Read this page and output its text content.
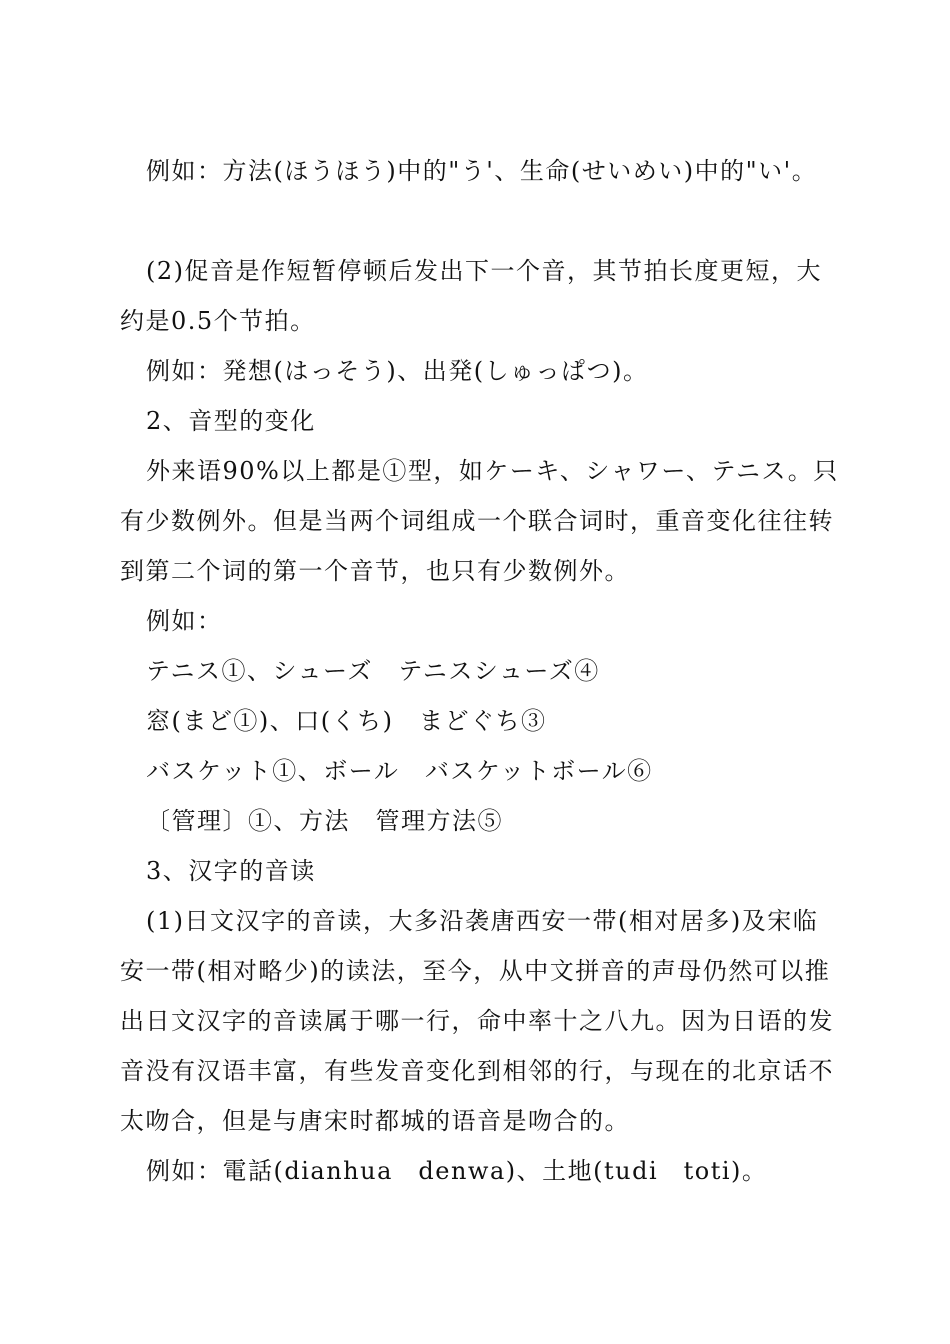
例如：方法(ほうほう)中的"う'、生命(せいめい)中的"い'。
(2)促音是作短暂停顿后发出下一个音，其节拍长度更短，大
约是0.5个节拍。
例如：発想(はっそう)、出発(しゅっぱつ)。
2、音型的变化
外来语90%以上都是①型，如ケーキ、シャワー、テニス。只
有少数例外。但是当两个词组成一个联合词时，重音变化往往转
到第二个词的第一个音节，也只有少数例外。
例如：
テニス①、シューズ　テニスシューズ④
窓(まど①)、口(くち)　まどぐち③
バスケット①、ボール　バスケットボール⑥
〔管理〕①、方法　管理方法⑤
3、汉字的音读
(1)日文汉字的音读，大多沿袭唐西安一带(相对居多)及宋临
安一带(相对略少)的读法，至今，从中文拼音的声母仍然可以推
出日文汉字的音读属于哪一行，命中率十之八九。因为日语的发
音没有汉语丰富，有些发音变化到相邻的行，与现在的北京话不
太吻合，但是与唐宋时都城的语音是吻合的。
例如：電話(dianhua　denwa)、土地(tudi　toti)。
